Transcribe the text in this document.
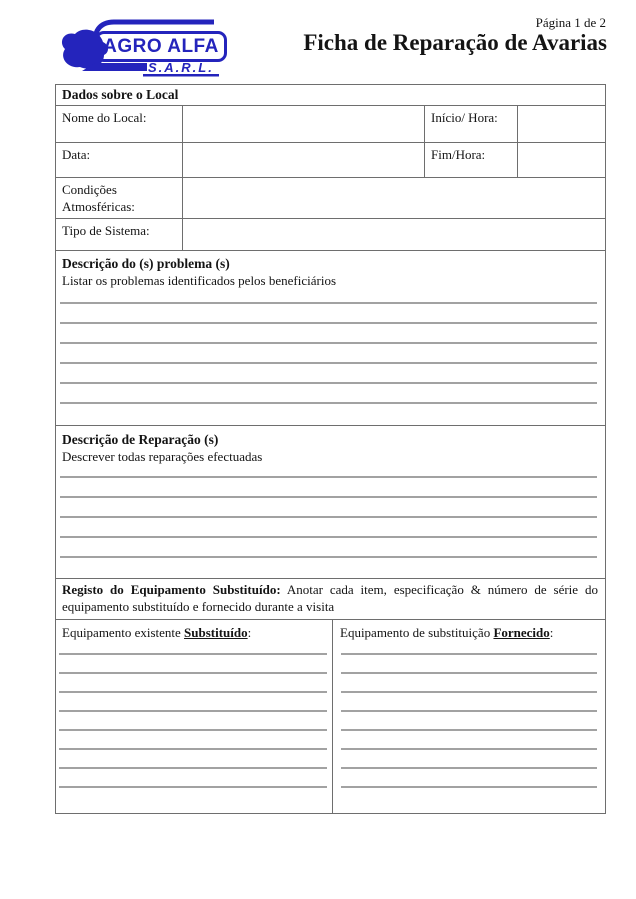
Página 1 de 2
Ficha de Reparação de Avarias
AGRO ALFA
S.A.R.L.
Dados sobre o Local
Nome do Local:	Início/ Hora:
Data:	Fim/Hora:
Condições Atmosféricas:
Tipo de Sistema:
Descrição do (s) problema (s)
Listar os problemas identificados pelos beneficiários
Descrição de Reparação (s)
Descrever todas reparações efectuadas
Registo do Equipamento Substituído: Anotar cada item, especificação & número de série do equipamento substituído e fornecido durante a visita
Equipamento existente Substituído:	Equipamento de substituição Fornecido:
